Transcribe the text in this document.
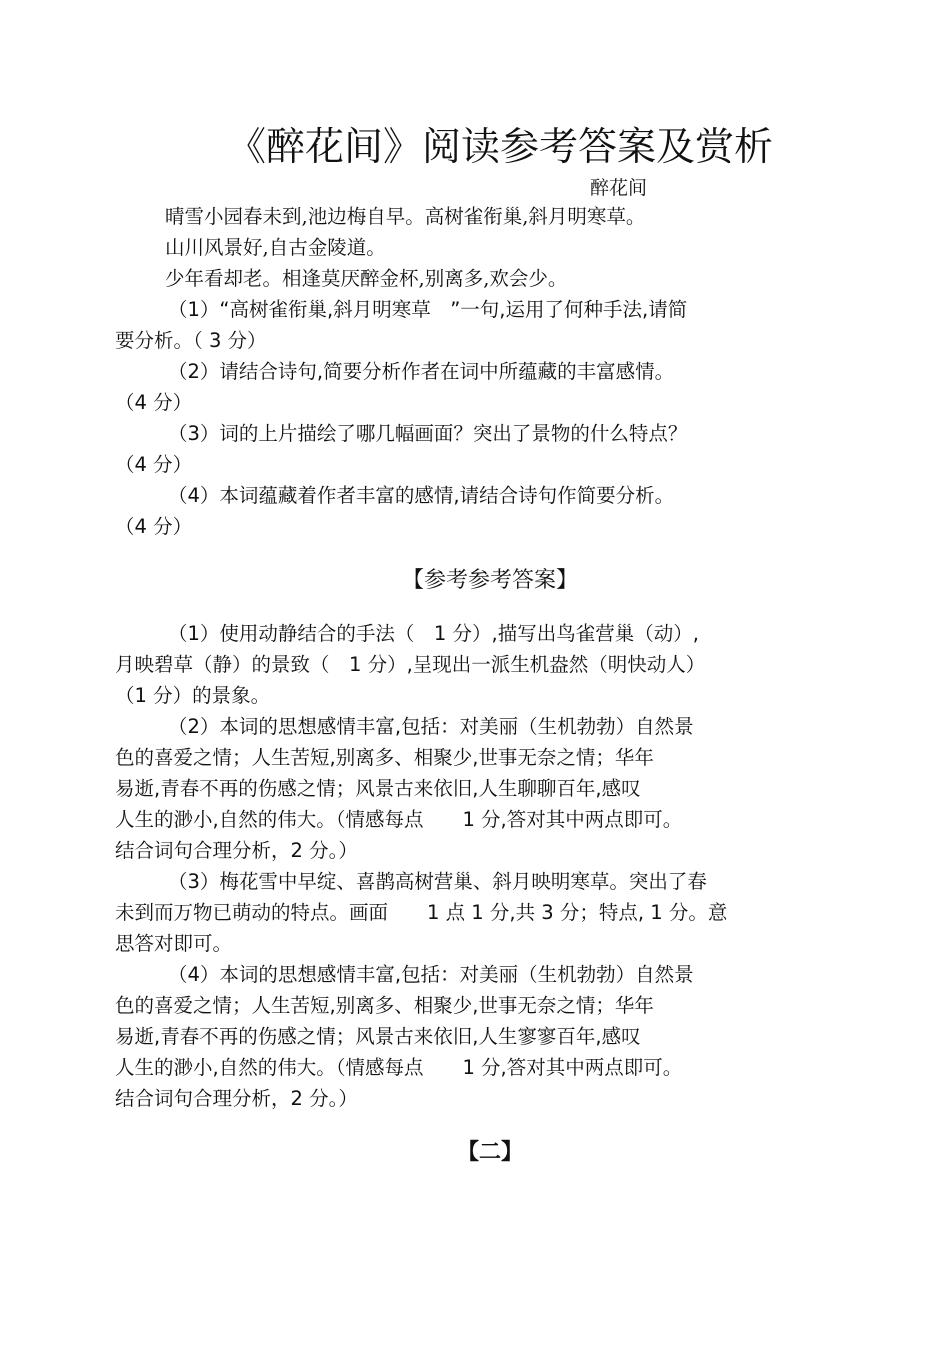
《醉花间》阅读参考答案及赏析
醉花间
晴雪小园春未到,池边梅自早。高树雀衔巢,斜月明寒草。
山川风景好,自古金陵道。
少年看却老。相逢莫厌醉金杯,别离多,欢会少。
（1）“高树雀衔巢,斜月明寒草　”一句,运用了何种手法,请简
要分析。（ 3 分）
（2）请结合诗句,简要分析作者在词中所蕴藏的丰富感情。
（4 分）
（3）词的上片描绘了哪几幅画面？突出了景物的什么特点？
（4 分）
（4）本词蕴藏着作者丰富的感情,请结合诗句作简要分析。
（4 分）
【参考参考答案】
（1）使用动静结合的手法（　1 分）,描写出鸟雀营巢（动）,
月映碧草（静）的景致（　1 分）,呈现出一派生机盎然（明快动人）
（1 分）的景象。
（2）本词的思想感情丰富,包括：对美丽（生机勃勃）自然景
色的喜爱之情；人生苦短,别离多、相聚少,世事无奈之情；华年
易逝,青春不再的伤感之情；风景古来依旧,人生聊聊百年,感叹
人生的渺小,自然的伟大。（情感每点　　1 分,答对其中两点即可。
结合词句合理分析，2 分。）
（3）梅花雪中早绽、喜鹊高树营巢、斜月映明寒草。突出了春
未到而万物已萌动的特点。画面　　1 点 1 分,共 3 分；特点, 1 分。意
思答对即可。
（4）本词的思想感情丰富,包括：对美丽（生机勃勃）自然景
色的喜爱之情；人生苦短,别离多、相聚少,世事无奈之情；华年
易逝,青春不再的伤感之情；风景古来依旧,人生寥寥百年,感叹
人生的渺小,自然的伟大。（情感每点　　1 分,答对其中两点即可。
结合词句合理分析，2 分。）
【二】
